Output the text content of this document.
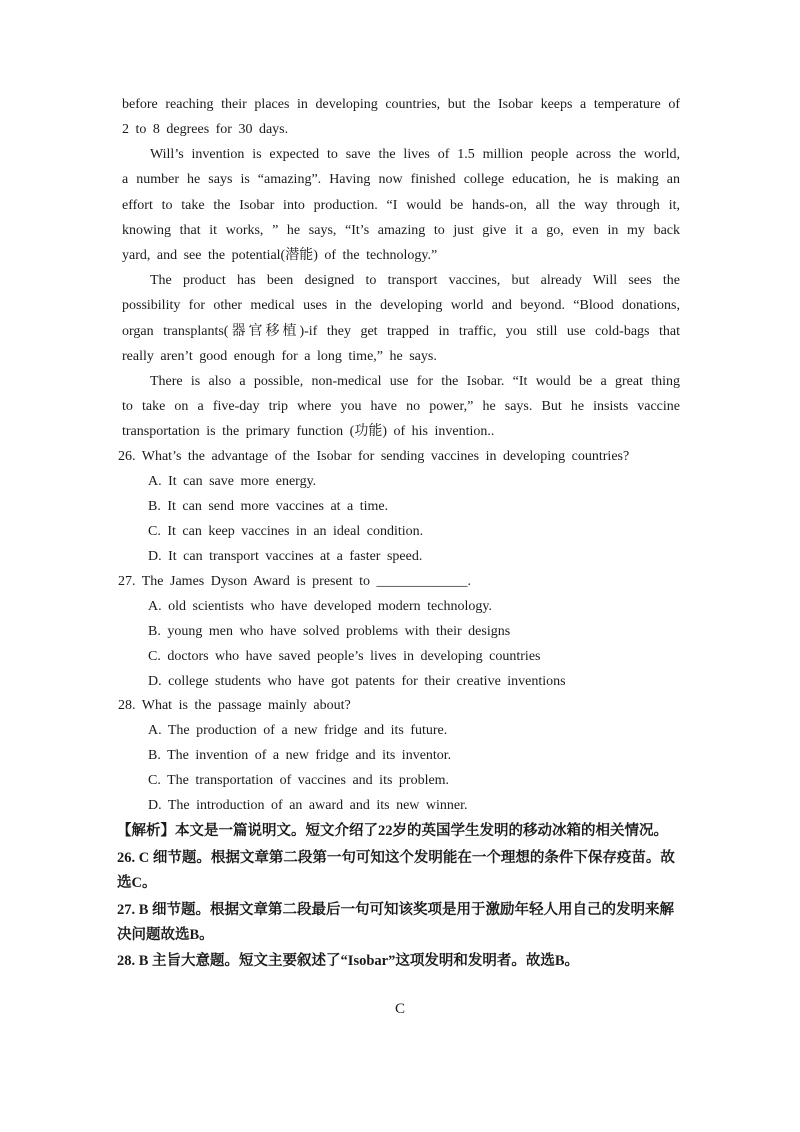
before reaching their places in developing countries, but the Isobar keeps a temperature of
2 to 8 degrees for 30 days.
Will’s invention is expected to save the lives of 1.5 million people across the world,
a number he says is “amazing”. Having now finished college education, he is making an
effort to take the Isobar into production. “I would be hands-on, all the way through it,
knowing that it works, ” he says, “It’s amazing to just give it a go, even in my back
yard, and see the potential(潜能) of the technology.”
The product has been designed to transport vaccines, but already Will sees the
possibility for other medical uses in the developing world and beyond. “Blood donations,
organ transplants(器官移植)-if they get trapped in traffic, you still use cold-bags that
really aren’t good enough for a long time,” he says.
There is also a possible, non-medical use for the Isobar. “It would be a great thing
to take on a five-day trip where you have no power,” he says. But he insists vaccine
transportation is the primary function (功能) of his invention..
26. What’s the advantage of the Isobar for sending vaccines in developing countries?
A. It can save more energy.
B. It can send more vaccines at a time.
C. It can keep vaccines in an ideal condition.
D. It can transport vaccines at a faster speed.
27. The James Dyson Award is present to _____________.
A. old scientists who have developed modern technology.
B. young men who have solved problems with their designs
C. doctors who have saved people’s lives in developing countries
D. college students who have got patents for their creative inventions
28. What is the passage mainly about?
A. The production of a new fridge and its future.
B. The invention of a new fridge and its inventor.
C. The transportation of vaccines and its problem.
D. The introduction of an award and its new winner.
【解析】本文是一篇说明文。短文介绍了22岁的英国学生发明的移动冰箱的相关情况。
26. C 细节题。根据文章第二段第一句可知这个发明能在一个理想的条件下保存疫苗。故
选C。
27. B 细节题。根据文章第二段最后一句可知该奖项是用于激励年轻人用自己的发明来解
决问题故选B。
28. B 主旨大意题。短文主要叙述了“Isobar”这项发明和发明者。故选B。
C
